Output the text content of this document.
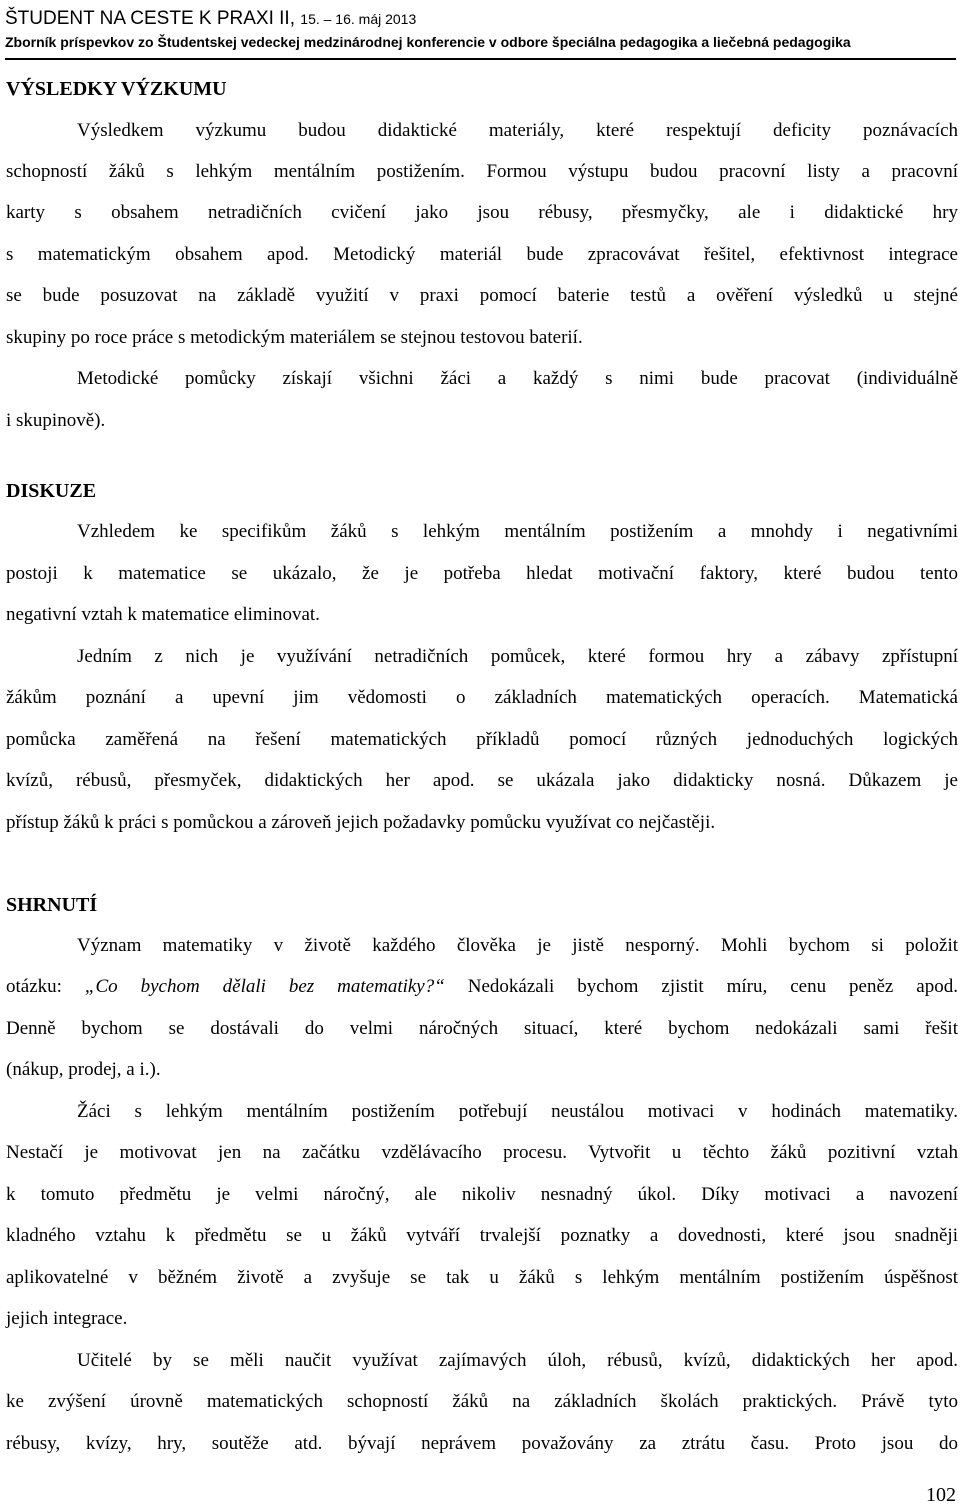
ŠTUDENT NA CESTE K PRAXI II, 15. – 16. máj 2013
Zborník príspevkov zo Študentskej vedeckej medzinárodnej konferencie v odbore špeciálna pedagogika a liečebná pedagogika
VÝSLEDKY VÝZKUMU
Výsledkem výzkumu budou didaktické materiály, které respektují deficity poznávacích
schopností žáků s lehkým mentálním postižením. Formou výstupu budou pracovní listy a pracovní
karty s obsahem netradičních cvičení jako jsou rébusy, přesmyčky, ale i didaktické hry
s matematickým obsahem apod. Metodický materiál bude zpracovávat řešitel, efektivnost integrace
se bude posuzovat na základě využití v praxi pomocí baterie testů a ověření výsledků u stejné
skupiny po roce práce s metodickým materiálem se stejnou testovou baterií.
Metodické pomůcky získají všichni žáci a každý s nimi bude pracovat (individuálně
i skupinově).
DISKUZE
Vzhledem ke specifikům žáků s lehkým mentálním postižením a mnohdy i negativními
postoji k matematice se ukázalo, že je potřeba hledat motivační faktory, které budou tento
negativní vztah k matematice eliminovat.
Jedním z nich je využívání netradičních pomůcek, které formou hry a zábavy zpřístupní
žákům poznání a upevní jim vědomosti o základních matematických operacích. Matematická
pomůcka zaměřená na řešení matematických příkladů pomocí různých jednoduchých logických
kvízů, rébusů, přesmyček, didaktických her apod. se ukázala jako didakticky nosná. Důkazem je
přístup žáků k práci s pomůckou a zároveň jejich požadavky pomůcku využívat co nejčastěji.
SHRNUTÍ
Význam matematiky v životě každého člověka je jistě nesporný. Mohli bychom si položit
otázku: „Co bychom dělali bez matematiky?“ Nedokázali bychom zjistit míru, cenu peněz apod.
Denně bychom se dostávali do velmi náročných situací, které bychom nedokázali sami řešit
(nákup, prodej, a i.).
Žáci s lehkým mentálním postižením potřebují neustálou motivaci v hodinách matematiky.
Nestačí je motivovat jen na začátku vzdělávacího procesu. Vytvořit u těchto žáků pozitivní vztah
k tomuto předmětu je velmi náročný, ale nikoliv nesnadný úkol. Díky motivaci a navození
kladného vztahu k předmětu se u žáků vytváří trvalejší poznatky a dovednosti, které jsou snadněji
aplikovatelné v běžném životě a zvyšuje se tak u žáků s lehkým mentálním postižením úspěšnost
jejich integrace.
Učitelé by se měli naučit využívat zajímavých úloh, rébusů, kvízů, didaktických her apod.
ke zvýšení úrovně matematických schopností žáků na základních školách praktických. Právě tyto
rébusy, kvízy, hry, soutěže atd. bývají neprávem považovány za ztrátu času. Proto jsou do
102
